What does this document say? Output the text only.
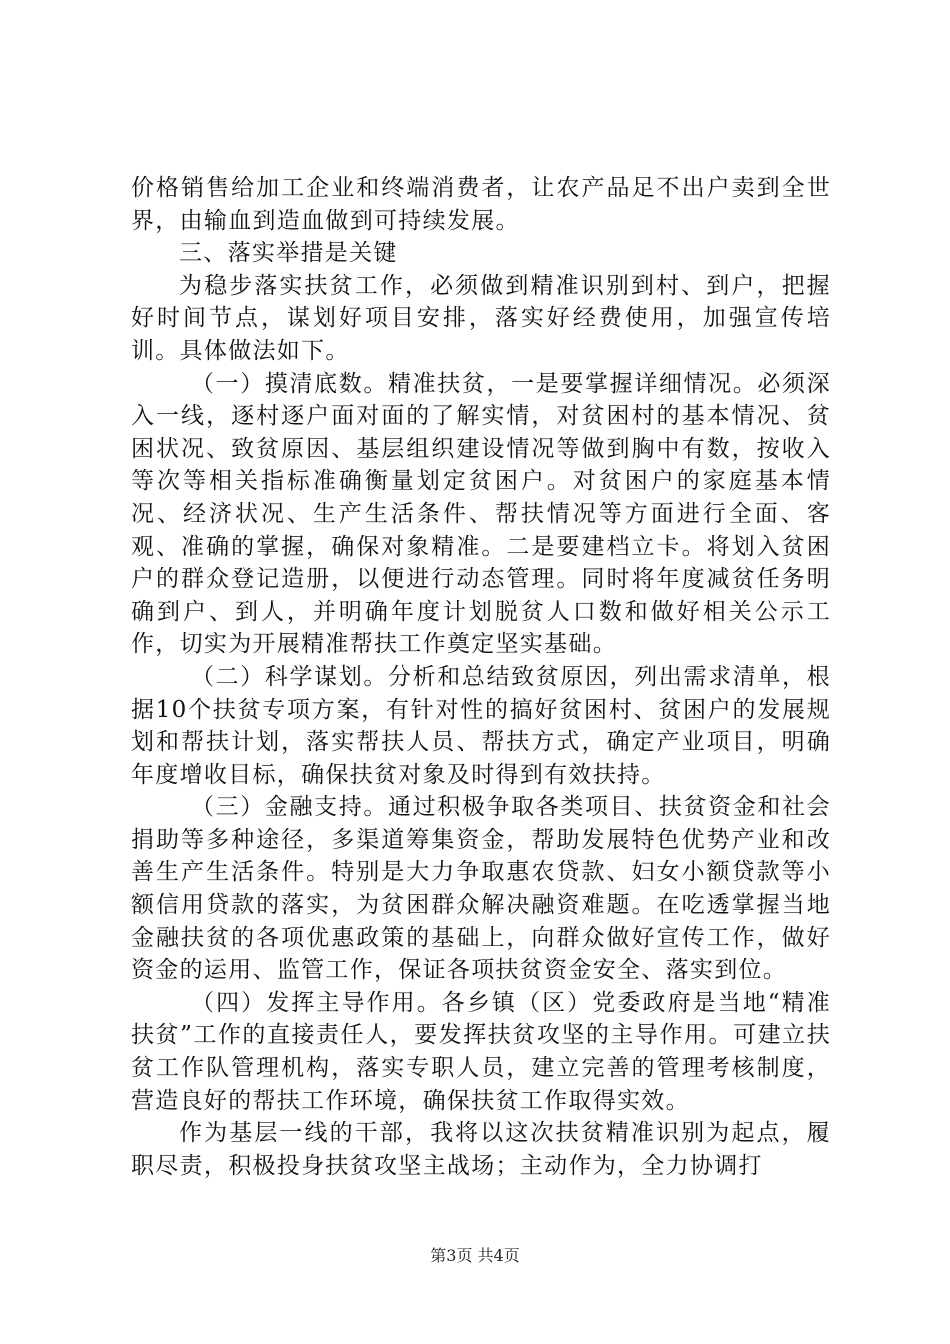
价格销售给加工企业和终端消费者，让农产品足不出户卖到全世界，由输血到造血做到可持续发展。

三、落实举措是关键

为稳步落实扶贫工作，必须做到精准识别到村、到户，把握好时间节点，谋划好项目安排，落实好经费使用，加强宣传培训。具体做法如下。

（一）摸清底数。精准扶贫，一是要掌握详细情况。必须深入一线，逐村逐户面对面的了解实情，对贫困村的基本情况、贫困状况、致贫原因、基层组织建设情况等做到胸中有数，按收入等次等相关指标准确衡量划定贫困户。对贫困户的家庭基本情况、经济状况、生产生活条件、帮扶情况等方面进行全面、客观、准确的掌握，确保对象精准。二是要建档立卡。将划入贫困户的群众登记造册，以便进行动态管理。同时将年度减贫任务明确到户、到人，并明确年度计划脱贫人口数和做好相关公示工作，切实为开展精准帮扶工作奠定坚实基础。

（二）科学谋划。分析和总结致贫原因，列出需求清单，根据10个扶贫专项方案，有针对性的搞好贫困村、贫困户的发展规划和帮扶计划，落实帮扶人员、帮扶方式，确定产业项目，明确年度增收目标，确保扶贫对象及时得到有效扶持。

（三）金融支持。通过积极争取各类项目、扶贫资金和社会捐助等多种途径，多渠道筹集资金，帮助发展特色优势产业和改善生产生活条件。特别是大力争取惠农贷款、妇女小额贷款等小额信用贷款的落实，为贫困群众解决融资难题。在吃透掌握当地金融扶贫的各项优惠政策的基础上，向群众做好宣传工作，做好资金的运用、监管工作，保证各项扶贫资金安全、落实到位。

（四）发挥主导作用。各乡镇（区）党委政府是当地“精准扶贫”工作的直接责任人，要发挥扶贫攻坚的主导作用。可建立扶贫工作队管理机构，落实专职人员，建立完善的管理考核制度，营造良好的帮扶工作环境，确保扶贫工作取得实效。

作为基层一线的干部，我将以这次扶贫精准识别为起点，履职尽责，积极投身扶贫攻坚主战场；主动作为，全力协调打

第3页 共4页
